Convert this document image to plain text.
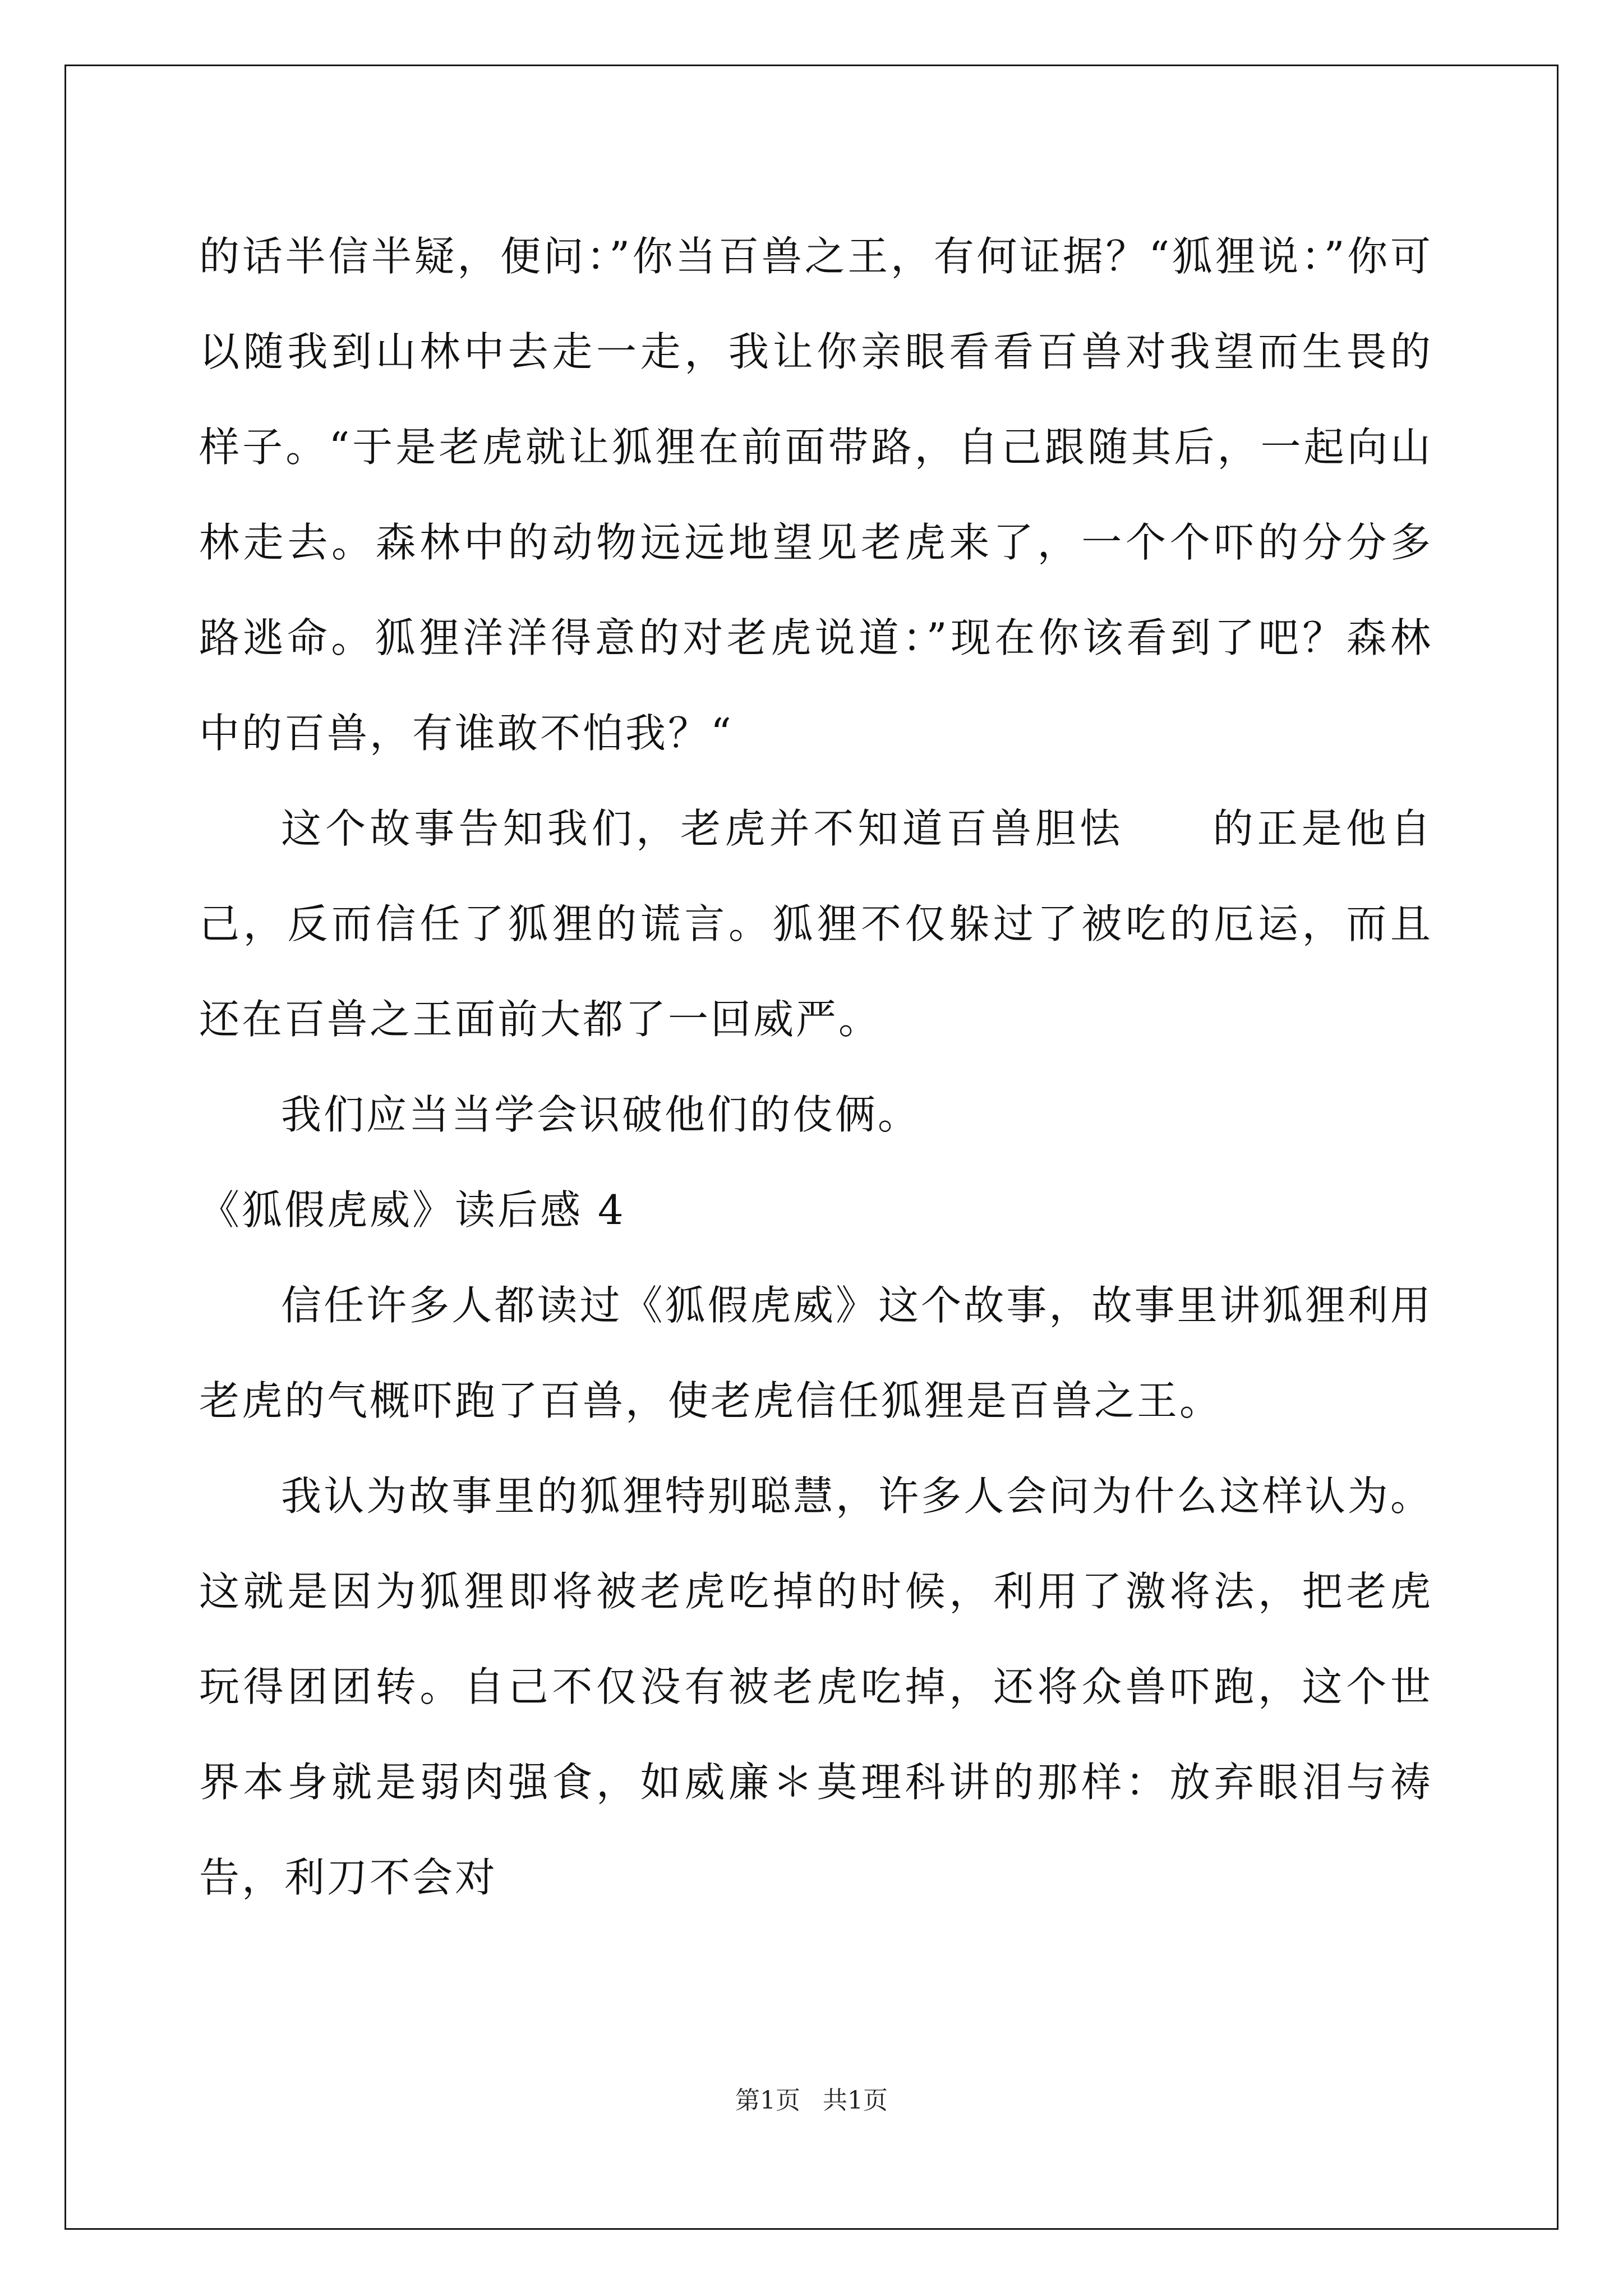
的话半信半疑，便问：”你当百兽之王，有何证据？“狐狸说：”你可以随我到山林中去走一走，我让你亲眼看看百兽对我望而生畏的样子。“于是老虎就让狐狸在前面带路，自己跟随其后，一起向山林走去。森林中的动物远远地望见老虎来了，一个个吓的分分多路逃命。狐狸洋洋得意的对老虎说道：”现在你该看到了吧？森林中的百兽，有谁敢不怕我？“

这个故事告知我们，老虎并不知道百兽胆怯　　的正是他自己，反而信任了狐狸的谎言。狐狸不仅躲过了被吃的厄运，而且还在百兽之王面前大都了一回威严。

我们应当当学会识破他们的伎俩。

《狐假虎威》读后感 4

信任许多人都读过《狐假虎威》这个故事，故事里讲狐狸利用老虎的气概吓跑了百兽，使老虎信任狐狸是百兽之王。

我认为故事里的狐狸特别聪慧，许多人会问为什么这样认为。这就是因为狐狸即将被老虎吃掉的时候，利用了激将法，把老虎玩得团团转。自己不仅没有被老虎吃掉，还将众兽吓跑，这个世界本身就是弱肉强食，如威廉＊莫理科讲的那样：放弃眼泪与祷告，利刀不会对

第1页 共1页
